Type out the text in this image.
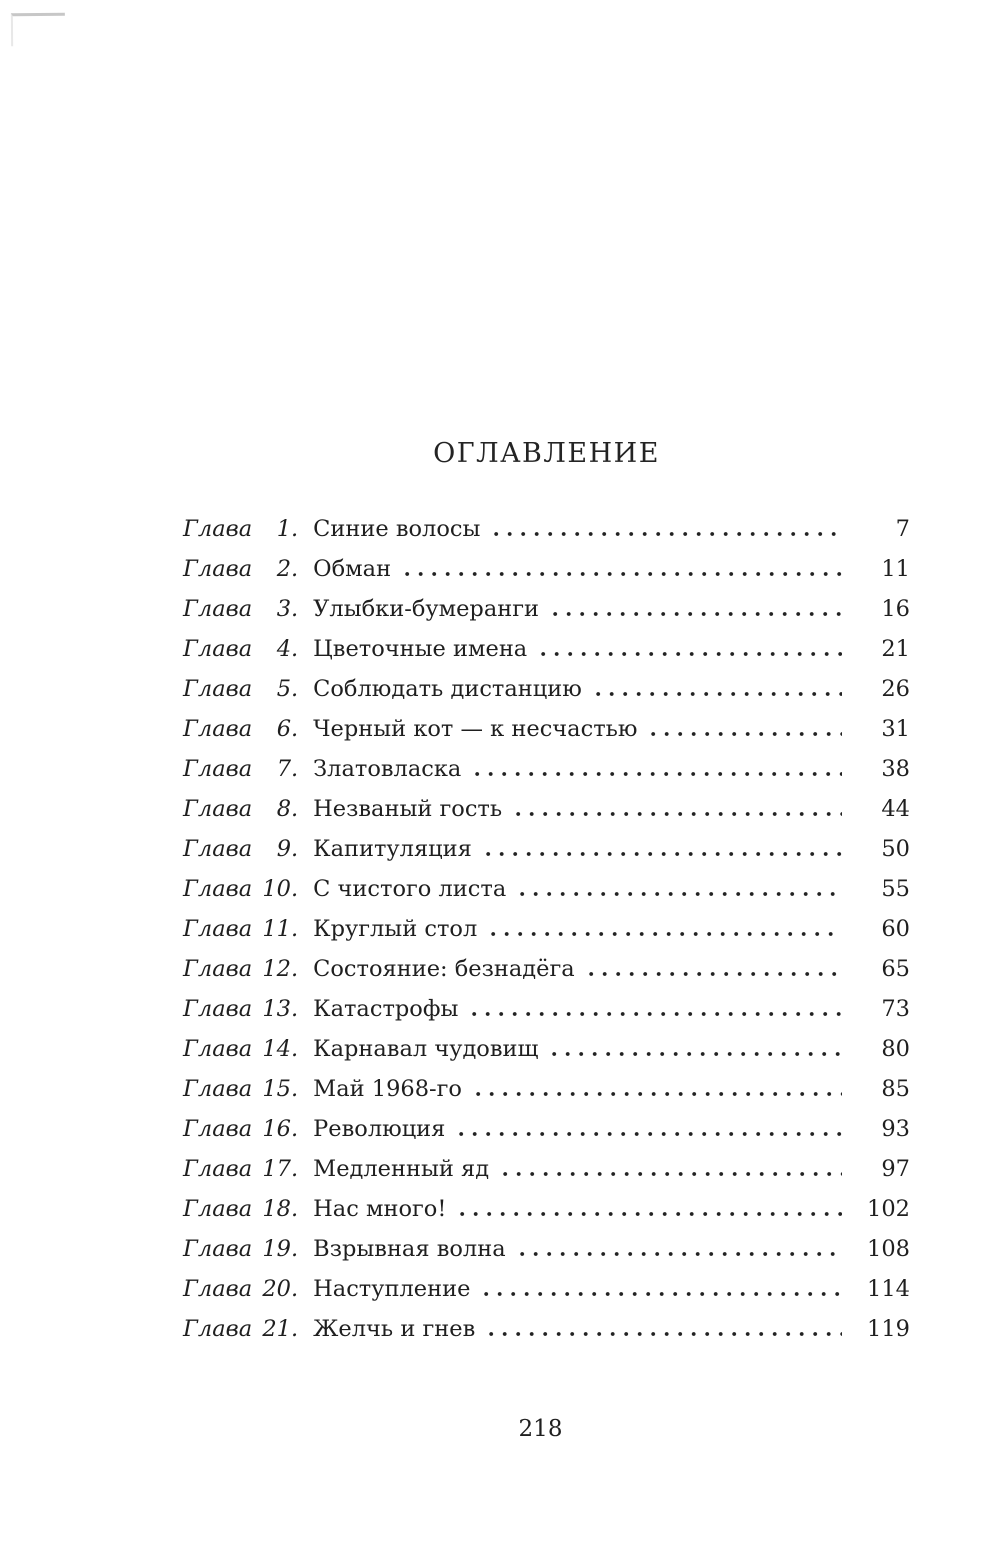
ОГЛАВЛЕНИЕ
Глава	1. Синие волосы	7
Глава	2. Обман	11
Глава	3. Улыбки-бумеранги	16
Глава	4. Цветочные имена	21
Глава	5. Соблюдать дистанцию	26
Глава	6. Черный кот — к несчастью	31
Глава	7. Златовласка	38
Глава	8. Незваный гость	44
Глава	9. Капитуляция	50
Глава 10. С чистого листа	55
Глава 11. Круглый стол	60
Глава 12. Состояние: безнадёга	65
Глава 13. Катастрофы	73
Глава 14. Карнавал чудовищ	80
Глава 15. Май 1968-го	85
Глава 16. Революция	93
Глава 17. Медленный яд	97
Глава 18. Нас много!	102
Глава 19. Взрывная волна	108
Глава 20. Наступление	114
Глава 21. Желчь и гнев	119
218
